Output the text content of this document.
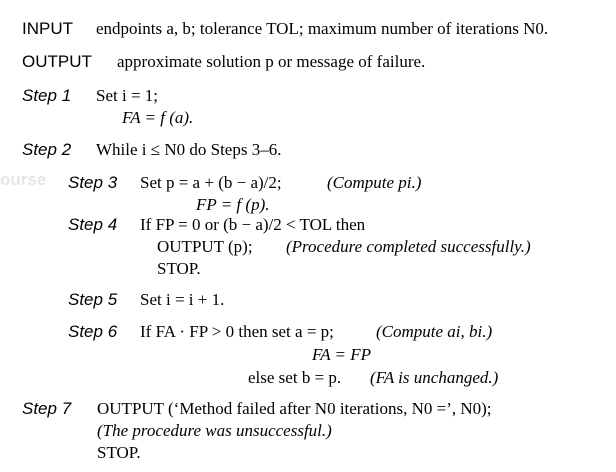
ourse
INPUT endpoints a, b; tolerance TOL; maximum number of iterations N0.
OUTPUT approximate solution p or message of failure.
Step 1 Set i = 1;
FA = f (a).
Step 2 While i ≤ N0 do Steps 3–6.
Step 3 Set p = a + (b − a)/2;	(Compute pi.)
FP = f (p).
Step 4 If FP = 0 or (b − a)/2 < TOL then
OUTPUT (p); (Procedure completed successfully.)
STOP.
Step 5 Set i = i + 1.
Step 6 If FA · FP > 0 then set a = p; (Compute ai, bi.)
FA = FP
else set b = p. (FA is unchanged.)
Step 7 OUTPUT (‘Method failed after N0 iterations, N0 =’, N0);
(The procedure was unsuccessful.)
STOP.
